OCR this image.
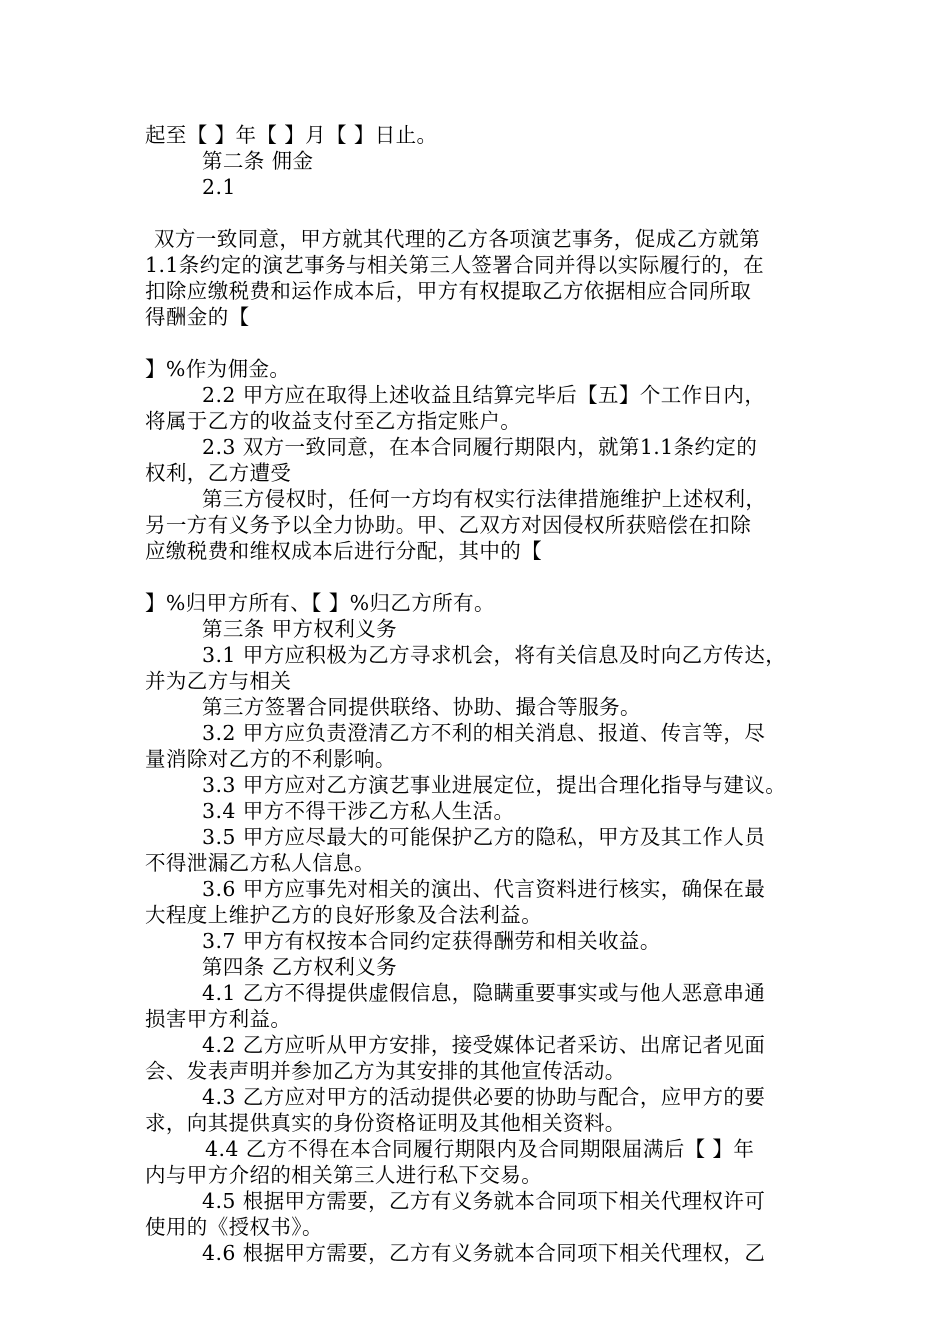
起至【 】年【 】月【 】日止。
第二条 佣金
2.1
双方一致同意，甲方就其代理的乙方各项演艺事务，促成乙方就第
1.1条约定的演艺事务与相关第三人签署合同并得以实际履行的，在
扣除应缴税费和运作成本后，甲方有权提取乙方依据相应合同所取
得酬金的【
】%作为佣金。
2.2 甲方应在取得上述收益且结算完毕后【五】个工作日内，
将属于乙方的收益支付至乙方指定账户。
2.3 双方一致同意，在本合同履行期限内，就第1.1条约定的
权利，乙方遭受
第三方侵权时，任何一方均有权实行法律措施维护上述权利，
另一方有义务予以全力协助。甲、乙双方对因侵权所获赔偿在扣除
应缴税费和维权成本后进行分配，其中的【
】%归甲方所有、【 】%归乙方所有。
第三条 甲方权利义务
3.1 甲方应积极为乙方寻求机会，将有关信息及时向乙方传达，
并为乙方与相关
第三方签署合同提供联络、协助、撮合等服务。
3.2 甲方应负责澄清乙方不利的相关消息、报道、传言等，尽
量消除对乙方的不利影响。
3.3 甲方应对乙方演艺事业进展定位，提出合理化指导与建议。
3.4 甲方不得干涉乙方私人生活。
3.5 甲方应尽最大的可能保护乙方的隐私，甲方及其工作人员
不得泄漏乙方私人信息。
3.6 甲方应事先对相关的演出、代言资料进行核实，确保在最
大程度上维护乙方的良好形象及合法利益。
3.7 甲方有权按本合同约定获得酬劳和相关收益。
第四条 乙方权利义务
4.1 乙方不得提供虚假信息，隐瞒重要事实或与他人恶意串通
损害甲方利益。
4.2 乙方应听从甲方安排，接受媒体记者采访、出席记者见面
会、发表声明并参加乙方为其安排的其他宣传活动。
4.3 乙方应对甲方的活动提供必要的协助与配合，应甲方的要
求，向其提供真实的身份资格证明及其他相关资料。
4.4 乙方不得在本合同履行期限内及合同期限届满后【 】年
内与甲方介绍的相关第三人进行私下交易。
4.5 根据甲方需要，乙方有义务就本合同项下相关代理权许可
使用的《授权书》。
4.6 根据甲方需要，乙方有义务就本合同项下相关代理权，乙
